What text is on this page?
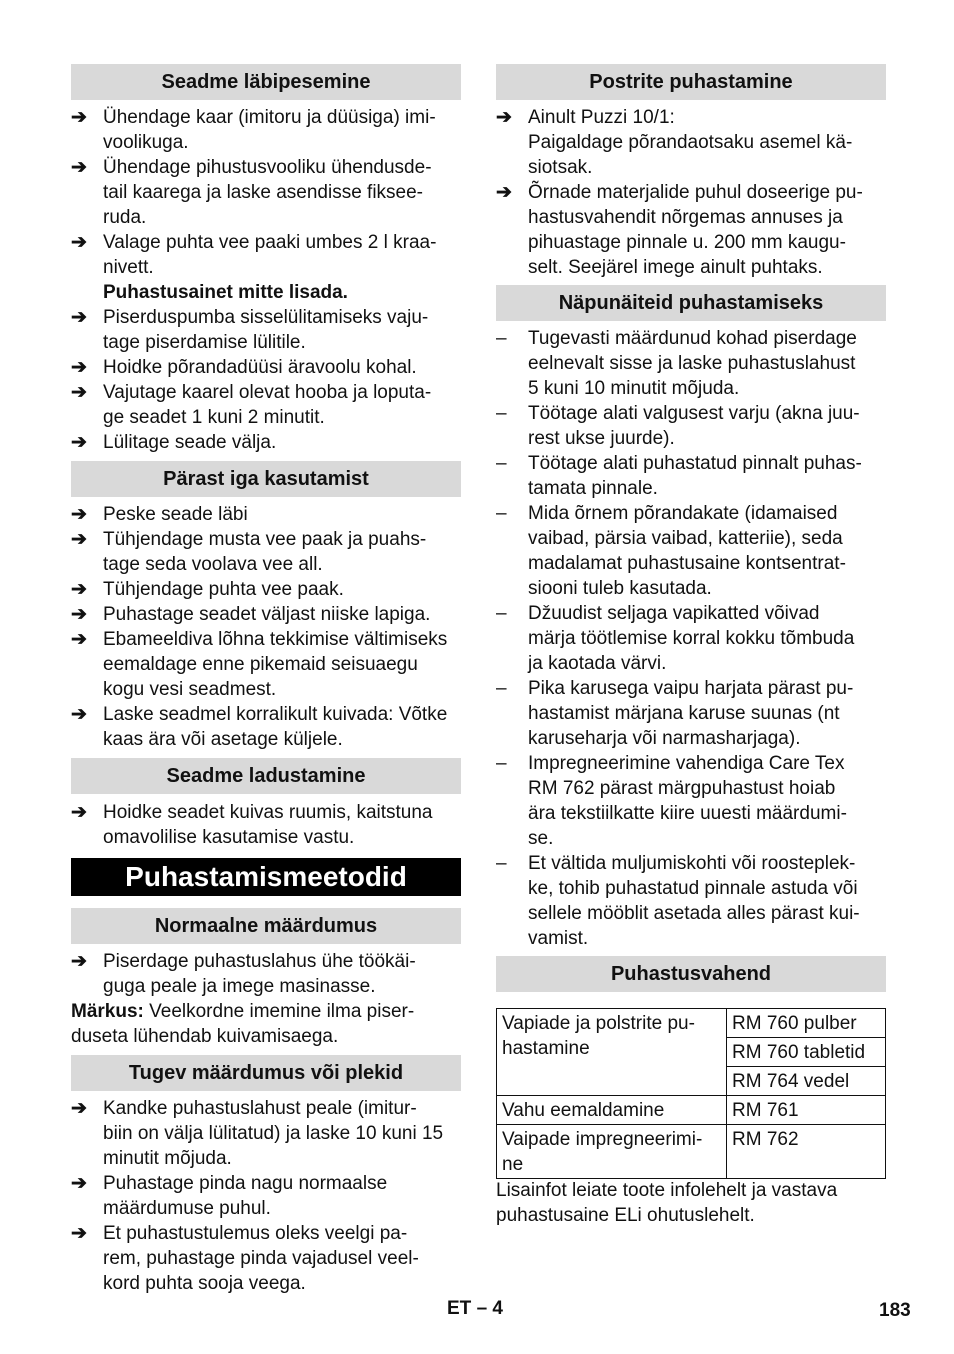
Seadme läbipesemine
➔ Ühendage kaar (imitoru ja düüsiga) imi-
voolikuga.
➔ Ühendage pihustusvooliku ühendusde-
tail kaarega ja laske asendisse fiksee-
ruda.
➔ Valage puhta vee paaki umbes 2 l kraa-
nivett.
Puhastusainet mitte lisada.
➔ Piserduspumba sisselülitamiseks vaju-
tage piserdamise lülitile.
➔ Hoidke põrandadüüsi äravoolu kohal.
➔ Vajutage kaarel olevat hooba ja loputa-
ge seadet 1 kuni 2 minutit.
➔ Lülitage seade välja.
Pärast iga kasutamist
➔ Peske seade läbi
➔ Tühjendage musta vee paak ja puahs-
tage seda voolava vee all.
➔ Tühjendage puhta vee paak.
➔ Puhastage seadet väljast niiske lapiga.
➔ Ebameeldiva lõhna tekkimise vältimiseks
eemaldage enne pikemaid seisuaegu
kogu vesi seadmest.
➔ Laske seadmel korralikult kuivada: Võtke
kaas ära või asetage küljele.
Seadme ladustamine
➔ Hoidke seadet kuivas ruumis, kaitstuna
omavolilise kasutamise vastu.
Puhastamismeetodid
Normaalne määrdumus
➔ Piserdage puhastuslahus ühe töökäi-
guga peale ja imege masinasse.
Märkus: Veelkordne imemine ilma piser-
duseta lühendab kuivamisaega.
Tugev määrdumus või plekid
➔ Kandke puhastuslahust peale (imitur-
biin on välja lülitatud) ja laske 10 kuni 15
minutit mõjuda.
➔ Puhastage pinda nagu normaalse
määrdumuse puhul.
➔ Et puhastustulemus oleks veelgi pa-
rem, puhastage pinda vajadusel veel-
kord puhta sooja veega.
Postrite puhastamine
➔ Ainult Puzzi 10/1:
Paigaldage põrandaotsaku asemel kä-
siotsak.
➔ Õrnade materjalide puhul doseerige pu-
hastusvahendit nõrgemas annuses ja
pihuastage pinnale u. 200 mm kaugu-
selt. Seejärel imege ainult puhtaks.
Näpunäiteid puhastamiseks
–	Tugevasti määrdunud kohad piserdage
eelnevalt sisse ja laske puhastuslahust
5 kuni 10 minutit mõjuda.
–	Töötage alati valgusest varju (akna juu-
rest ukse juurde).
–	Töötage alati puhastatud pinnalt puhas-
tamata pinnale.
–	Mida õrnem põrandakate (idamaised
vaibad, pärsia vaibad, katteriie), seda
madalamat puhastusaine kontsentrat-
siooni tuleb kasutada.
–	Džuudist seljaga vapikatted võivad
märja töötlemise korral kokku tõmbuda
ja kaotada värvi.
–	Pika karusega vaipu harjata pärast pu-
hastamist märjana karuse suunas (nt
karuseharja või narmasharjaga).
–	Impregneerimine vahendiga Care Tex
RM 762 pärast märgpuhastust hoiab
ära tekstiilkatte kiire uuesti määrdumi-
se.
–	Et vältida muljumiskohti või roosteplek-
ke, tohib puhastatud pinnale astuda või
sellele mööblit asetada alles pärast kui-
vamist.
Puhastusvahend
Vapiade ja polstrite pu-
hastamine	RM 760 pulber
	RM 760 tabletid
	RM 764 vedel
Vahu eemaldamine	RM 761
Vaipade impregneerimi-
ne	RM 762
Lisainfot leiate toote infolehelt ja vastava
puhastusaine ELi ohutuslehelt.
ET – 4	183
